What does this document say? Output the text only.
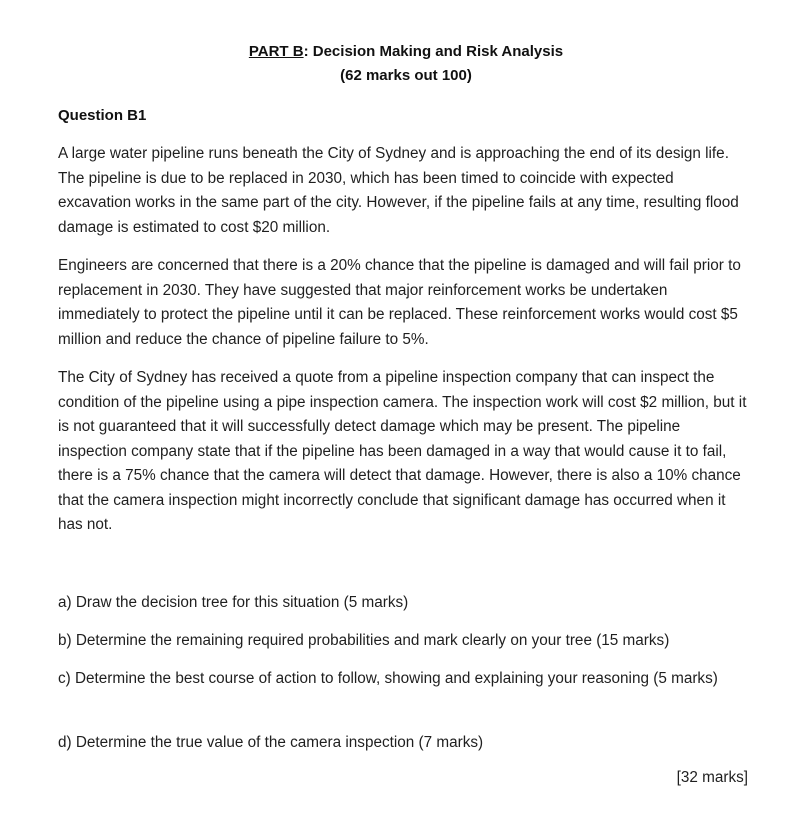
PART B: Decision Making and Risk Analysis
(62 marks out 100)
Question B1

A large water pipeline runs beneath the City of Sydney and is approaching the end of its design life. The pipeline is due to be replaced in 2030, which has been timed to coincide with expected excavation works in the same part of the city. However, if the pipeline fails at any time, resulting flood damage is estimated to cost $20 million.

Engineers are concerned that there is a 20% chance that the pipeline is damaged and will fail prior to replacement in 2030. They have suggested that major reinforcement works be undertaken immediately to protect the pipeline until it can be replaced. These reinforcement works would cost $5 million and reduce the chance of pipeline failure to 5%.

The City of Sydney has received a quote from a pipeline inspection company that can inspect the condition of the pipeline using a pipe inspection camera. The inspection work will cost $2 million, but it is not guaranteed that it will successfully detect damage which may be present. The pipeline inspection company state that if the pipeline has been damaged in a way that would cause it to fail, there is a 75% chance that the camera will detect that damage. However, there is also a 10% chance that the camera inspection might incorrectly conclude that significant damage has occurred when it has not.

a) Draw the decision tree for this situation (5 marks)
b) Determine the remaining required probabilities and mark clearly on your tree (15 marks)
c) Determine the best course of action to follow, showing and explaining your reasoning (5 marks)
d) Determine the true value of the camera inspection (7 marks)
[32 marks]
